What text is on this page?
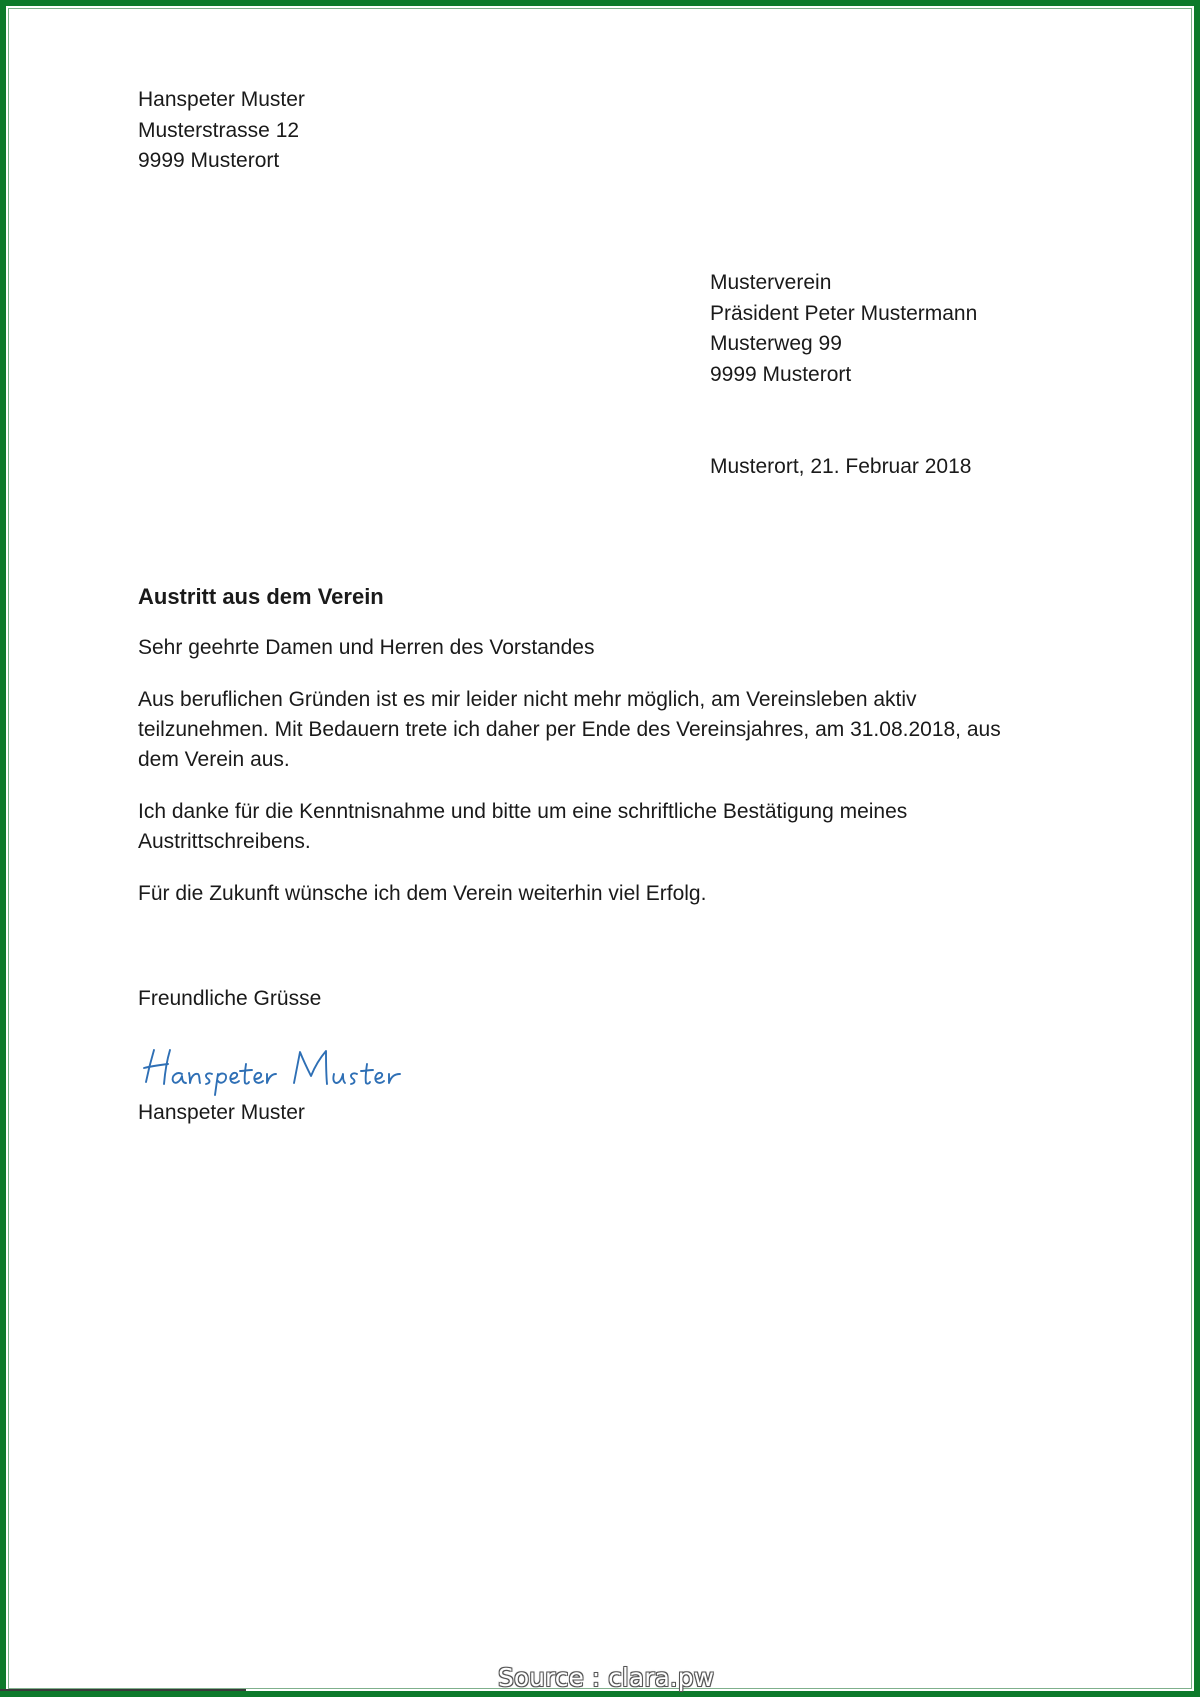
Hanspeter Muster
Musterstrasse 12
9999 Musterort
Musterverein
Präsident Peter Mustermann
Musterweg 99
9999 Musterort
Musterort, 21. Februar 2018
Austritt aus dem Verein

Sehr geehrte Damen und Herren des Vorstandes

Aus beruflichen Gründen ist es mir leider nicht mehr möglich, am Vereinsleben aktiv
teilzunehmen. Mit Bedauern trete ich daher per Ende des Vereinsjahres, am 31.08.2018, aus
dem Verein aus.

Ich danke für die Kenntnisnahme und bitte um eine schriftliche Bestätigung meines
Austrittschreibens.

Für die Zukunft wünsche ich dem Verein weiterhin viel Erfolg.

Freundliche Grüsse
Hanspeter Muster
Source : clara.pw
